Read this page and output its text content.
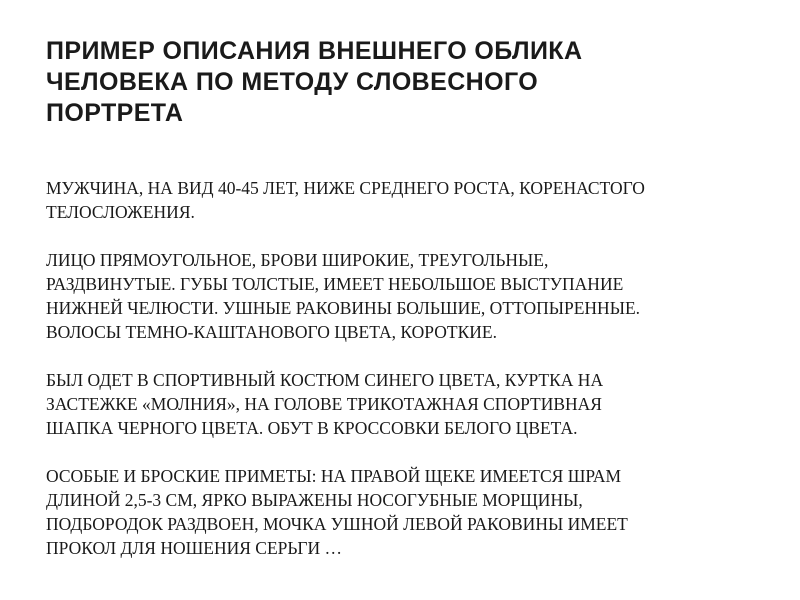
ПРИМЕР ОПИСАНИЯ ВНЕШНЕГО ОБЛИКА
ЧЕЛОВЕКА ПО МЕТОДУ СЛОВЕСНОГО
ПОРТРЕТА

МУЖЧИНА, НА ВИД 40-45 ЛЕТ, НИЖЕ СРЕДНЕГО РОСТА, КОРЕНАСТОГО
ТЕЛОСЛОЖЕНИЯ.

ЛИЦО ПРЯМОУГОЛЬНОЕ, БРОВИ ШИРОКИЕ, ТРЕУГОЛЬНЫЕ,
РАЗДВИНУТЫЕ. ГУБЫ ТОЛСТЫЕ, ИМЕЕТ НЕБОЛЬШОЕ ВЫСТУПАНИЕ
НИЖНЕЙ ЧЕЛЮСТИ. УШНЫЕ РАКОВИНЫ БОЛЬШИЕ, ОТТОПЫРЕННЫЕ.
ВОЛОСЫ ТЕМНО-КАШТАНОВОГО ЦВЕТА, КОРОТКИЕ.

БЫЛ ОДЕТ В СПОРТИВНЫЙ КОСТЮМ СИНЕГО ЦВЕТА, КУРТКА НА
ЗАСТЕЖКЕ «МОЛНИЯ», НА ГОЛОВЕ ТРИКОТАЖНАЯ СПОРТИВНАЯ
ШАПКА ЧЕРНОГО ЦВЕТА. ОБУТ В КРОССОВКИ БЕЛОГО ЦВЕТА.

ОСОБЫЕ И БРОСКИЕ ПРИМЕТЫ: НА ПРАВОЙ ЩЕКЕ ИМЕЕТСЯ ШРАМ
ДЛИНОЙ 2,5-3 СМ, ЯРКО ВЫРАЖЕНЫ НОСОГУБНЫЕ МОРЩИНЫ,
ПОДБОРОДОК РАЗДВОЕН, МОЧКА УШНОЙ ЛЕВОЙ РАКОВИНЫ ИМЕЕТ
ПРОКОЛ ДЛЯ НОШЕНИЯ СЕРЬГИ …
